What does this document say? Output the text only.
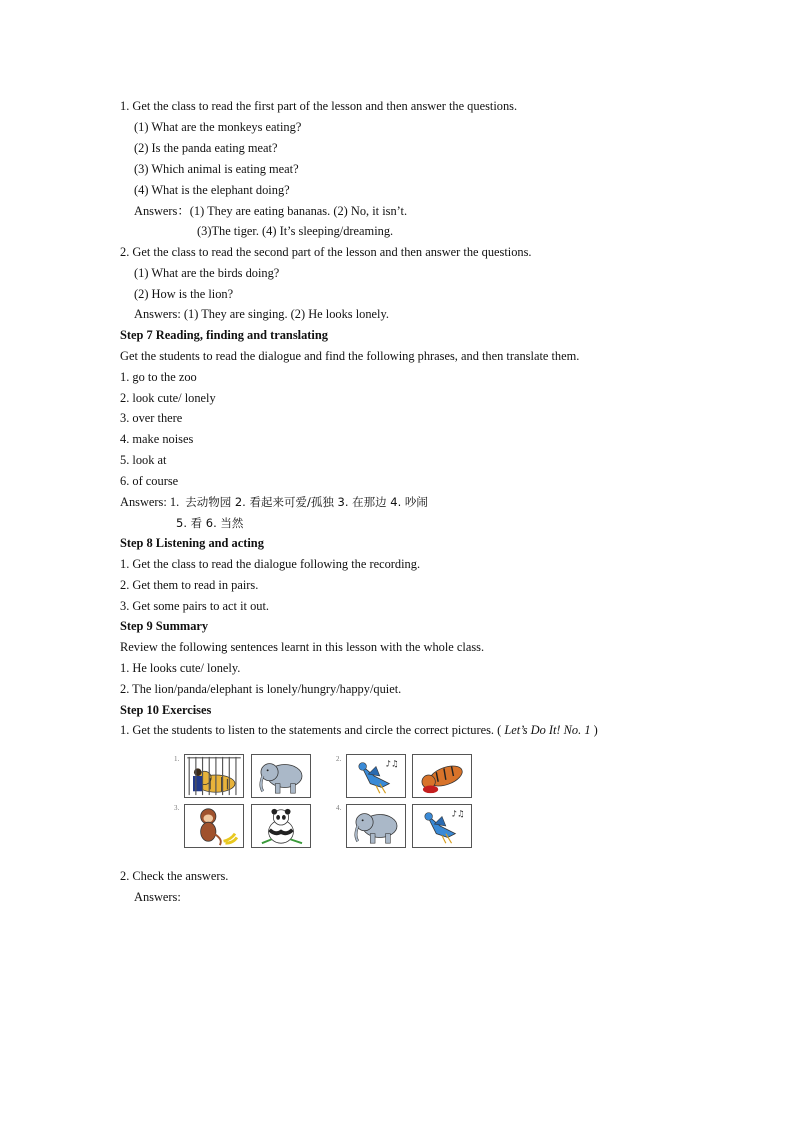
1. Get the class to read the first part of the lesson and then answer the questions.
(1) What are the monkeys eating?
(2) Is the panda eating meat?
(3) Which animal is eating meat?
(4) What is the elephant doing?
Answers：(1) They are eating bananas. (2) No, it isn’t.
(3)The tiger. (4) It’s sleeping/dreaming.
2. Get the class to read the second part of the lesson and then answer the questions.
(1) What are the birds doing?
(2) How is the lion?
Answers: (1) They are singing. (2) He looks lonely.
Step 7 Reading, finding and translating
Get the students to read the dialogue and find the following phrases, and then translate them.
1. go to the zoo
2. look cute/ lonely
3. over there
4. make noises
5. look at
6. of course
Answers: 1. 去动物园 2. 看起来可爱/孤独 3. 在那边 4. 吵闹
5. 看 6. 当然
Step 8 Listening and acting
1. Get the class to read the dialogue following the recording.
2. Get them to read in pairs.
3. Get some pairs to act it out.
Step 9 Summary
Review the following sentences learnt in this lesson with the whole class.
1. He looks cute/ lonely.
2. The lion/panda/elephant is lonely/hungry/happy/quiet.
Step 10 Exercises
1. Get the students to listen to the statements and circle the correct pictures. ( Let’s Do It! No. 1 )
1.	2.
3.	4.
♪♫
♪♫
2. Check the answers.
Answers:
